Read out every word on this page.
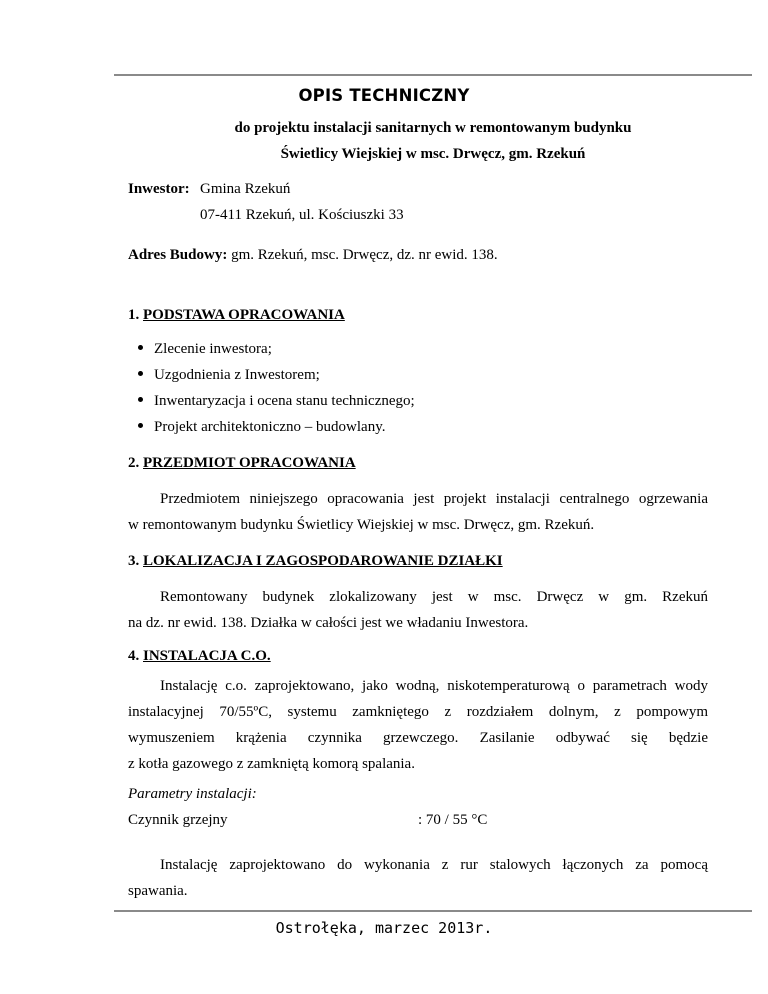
OPIS TECHNICZNY
do projektu instalacji sanitarnych w remontowanym budynku
Świetlicy Wiejskiej w msc. Drwęcz, gm. Rzekuń
Inwestor: Gmina Rzekuń
07-411 Rzekuń, ul. Kościuszki 33
Adres Budowy: gm. Rzekuń, msc. Drwęcz, dz. nr ewid. 138.
1. PODSTAWA OPRACOWANIA
Zlecenie inwestora;
Uzgodnienia z Inwestorem;
Inwentaryzacja i ocena stanu technicznego;
Projekt architektoniczno – budowlany.
2. PRZEDMIOT OPRACOWANIA
Przedmiotem niniejszego opracowania jest projekt instalacji centralnego ogrzewania
w remontowanym budynku Świetlicy Wiejskiej w msc. Drwęcz, gm. Rzekuń.
3. LOKALIZACJA I ZAGOSPODAROWANIE DZIAŁKI
Remontowany budynek zlokalizowany jest w msc. Drwęcz w gm. Rzekuń
na dz. nr ewid. 138. Działka w całości jest we władaniu Inwestora.
4. INSTALACJA C.O.
Instalację c.o. zaprojektowano, jako wodną, niskotemperaturową o parametrach wody
instalacyjnej 70/55ºC, systemu zamkniętego z rozdziałem dolnym, z pompowym
wymuszeniem krążenia czynnika grzewczego. Zasilanie odbywać się będzie
z kotła gazowego z zamkniętą komorą spalania.
Parametry instalacji:
Czynnik grzejny	: 70 / 55 °C
Instalację zaprojektowano do wykonania z rur stalowych łączonych za pomocą
spawania.
Ostrołęka, marzec 2013r.
